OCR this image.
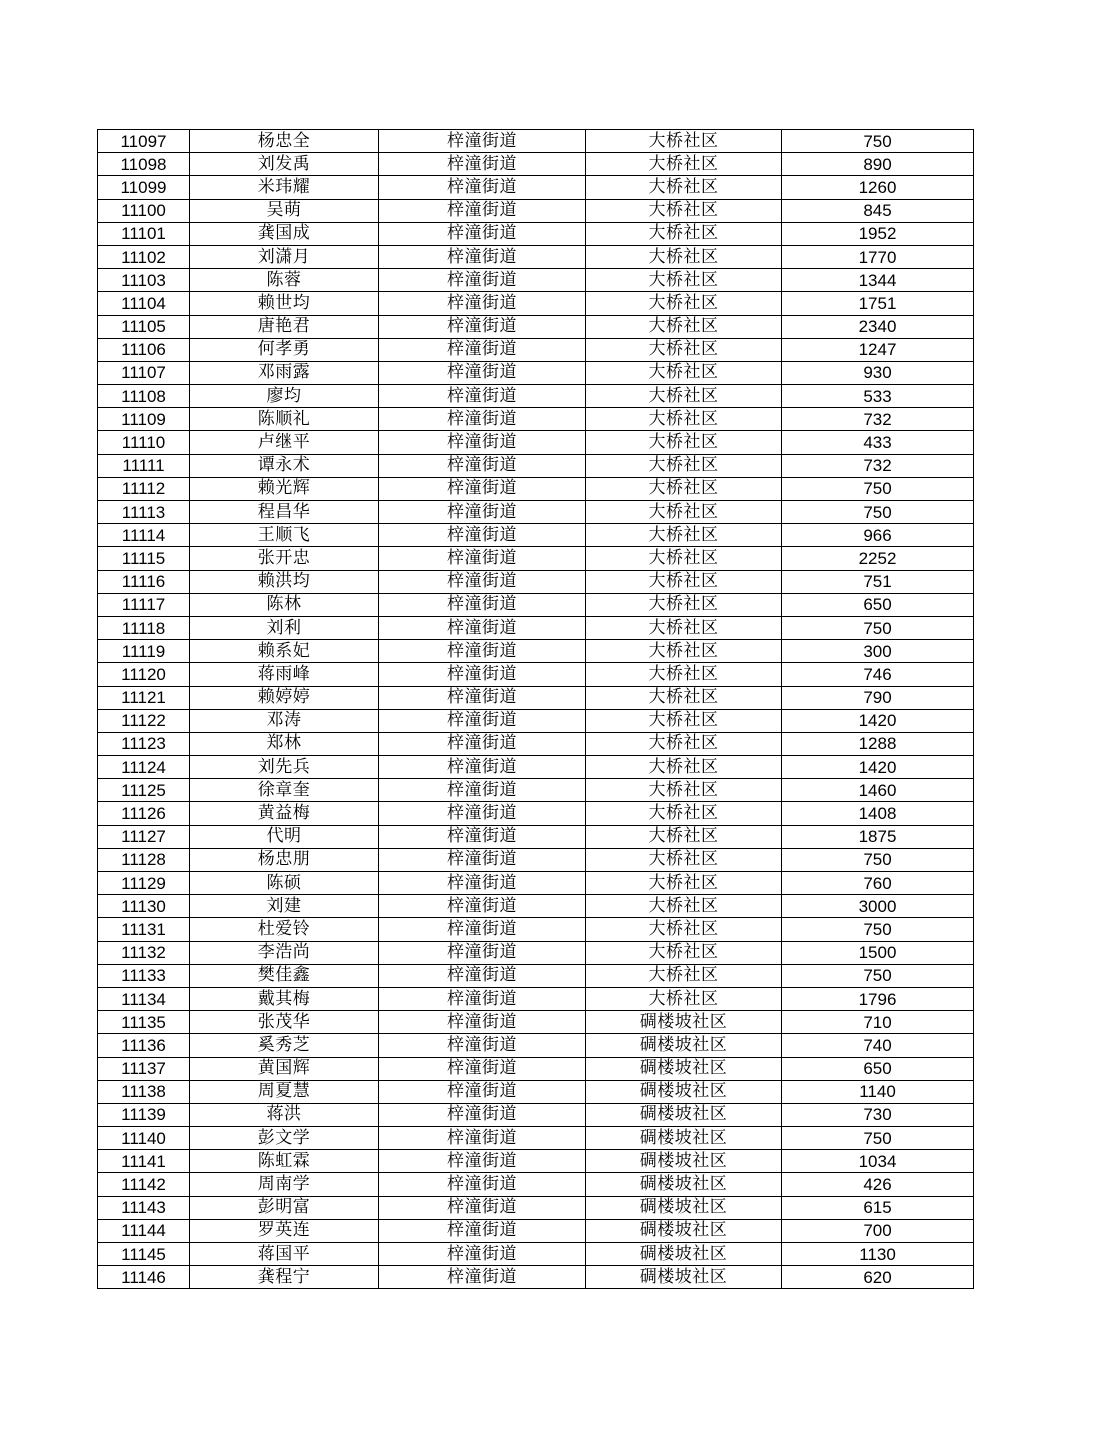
11097	杨忠全	梓潼街道	大桥社区	750
11098	刘发禹	梓潼街道	大桥社区	890
11099	米玮耀	梓潼街道	大桥社区	1260
11100	吴萌	梓潼街道	大桥社区	845
11101	龚国成	梓潼街道	大桥社区	1952
11102	刘潇月	梓潼街道	大桥社区	1770
11103	陈蓉	梓潼街道	大桥社区	1344
11104	赖世均	梓潼街道	大桥社区	1751
11105	唐艳君	梓潼街道	大桥社区	2340
11106	何孝勇	梓潼街道	大桥社区	1247
11107	邓雨露	梓潼街道	大桥社区	930
11108	廖均	梓潼街道	大桥社区	533
11109	陈顺礼	梓潼街道	大桥社区	732
11110	卢继平	梓潼街道	大桥社区	433
11111	谭永术	梓潼街道	大桥社区	732
11112	赖光辉	梓潼街道	大桥社区	750
11113	程昌华	梓潼街道	大桥社区	750
11114	王顺飞	梓潼街道	大桥社区	966
11115	张开忠	梓潼街道	大桥社区	2252
11116	赖洪均	梓潼街道	大桥社区	751
11117	陈林	梓潼街道	大桥社区	650
11118	刘利	梓潼街道	大桥社区	750
11119	赖系妃	梓潼街道	大桥社区	300
11120	蒋雨峰	梓潼街道	大桥社区	746
11121	赖婷婷	梓潼街道	大桥社区	790
11122	邓涛	梓潼街道	大桥社区	1420
11123	郑林	梓潼街道	大桥社区	1288
11124	刘先兵	梓潼街道	大桥社区	1420
11125	徐章奎	梓潼街道	大桥社区	1460
11126	黄益梅	梓潼街道	大桥社区	1408
11127	代明	梓潼街道	大桥社区	1875
11128	杨忠朋	梓潼街道	大桥社区	750
11129	陈硕	梓潼街道	大桥社区	760
11130	刘建	梓潼街道	大桥社区	3000
11131	杜爱铃	梓潼街道	大桥社区	750
11132	李浩尚	梓潼街道	大桥社区	1500
11133	樊佳鑫	梓潼街道	大桥社区	750
11134	戴其梅	梓潼街道	大桥社区	1796
11135	张茂华	梓潼街道	碉楼坡社区	710
11136	奚秀芝	梓潼街道	碉楼坡社区	740
11137	黄国辉	梓潼街道	碉楼坡社区	650
11138	周夏慧	梓潼街道	碉楼坡社区	1140
11139	蒋洪	梓潼街道	碉楼坡社区	730
11140	彭文学	梓潼街道	碉楼坡社区	750
11141	陈虹霖	梓潼街道	碉楼坡社区	1034
11142	周南学	梓潼街道	碉楼坡社区	426
11143	彭明富	梓潼街道	碉楼坡社区	615
11144	罗英连	梓潼街道	碉楼坡社区	700
11145	蒋国平	梓潼街道	碉楼坡社区	1130
11146	龚程宁	梓潼街道	碉楼坡社区	620
